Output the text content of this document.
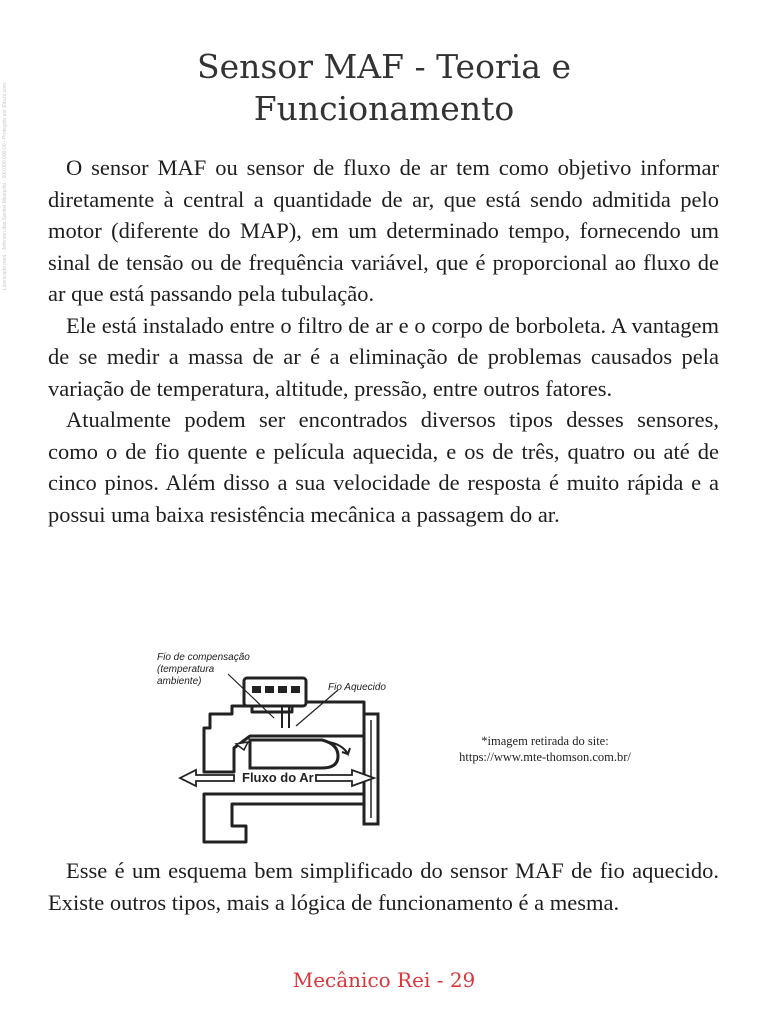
Licenciado para - Jeferson dos Santos Mesquita - 000.000.000-00 - Protegido por Eduzz.com
Sensor MAF - Teoria e
Funcionamento

O sensor MAF ou sensor de fluxo de ar tem como objetivo informar diretamente à central a quantidade de ar, que está sendo admitida pelo motor (diferente do MAP), em um determinado tempo, fornecendo um sinal de tensão ou de frequência variável, que é proporcional ao fluxo de ar que está passando pela tubulação.

Ele está instalado entre o filtro de ar e o corpo de borboleta. A vantagem de se medir a massa de ar é a eliminação de problemas causados pela variação de temperatura, altitude, pressão, entre outros fatores.

Atualmente podem ser encontrados diversos tipos desses sensores, como o de fio quente e película aquecida, e os de três, quatro ou até de cinco pinos. Além disso a sua velocidade de resposta é muito rápida e a possui uma baixa resistência mecânica a passagem do ar.

Fio de compensação
(temperatura
ambiente)
Fio Aquecido
Fluxo do Ar
*imagem retirada do site:
https://www.mte-thomson.com.br/

Esse é um esquema bem simplificado do sensor MAF de fio aquecido. Existe outros tipos, mais a lógica de funcionamento é a mesma.

Mecânico Rei - 29
